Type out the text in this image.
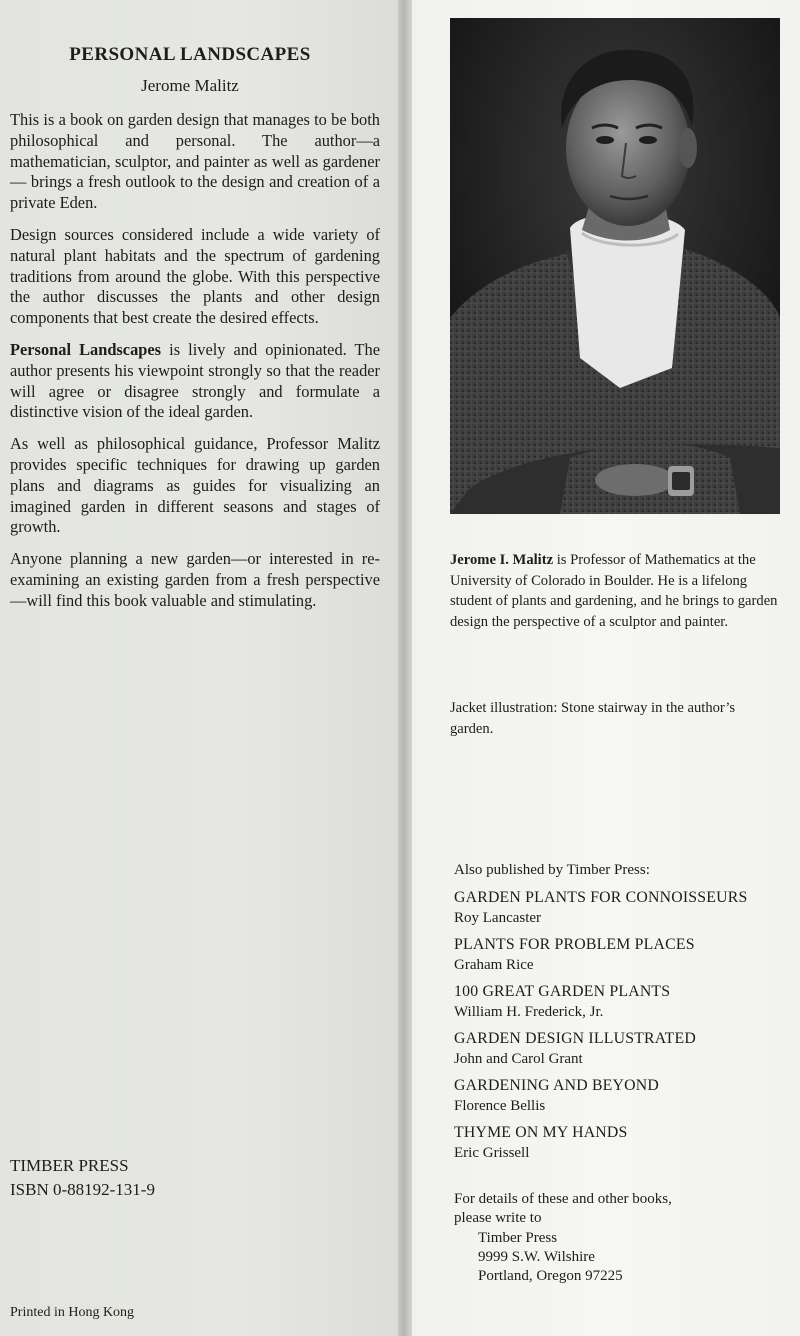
PERSONAL LANDSCAPES
Jerome Malitz

This is a book on garden design that manages to be both philosophical and personal. The author—a mathematician, sculptor, and painter as well as gardener — brings a fresh outlook to the design and creation of a private Eden.

Design sources considered include a wide variety of natural plant habitats and the spectrum of gardening traditions from around the globe. With this perspective the author discusses the plants and other design components that best create the desired effects.

Personal Landscapes is lively and opinionated. The author presents his viewpoint strongly so that the reader will agree or disagree strongly and formulate a distinctive vision of the ideal garden.

As well as philosophical guidance, Professor Malitz provides specific techniques for drawing up garden plans and diagrams as guides for visualizing an imagined garden in different seasons and stages of growth.

Anyone planning a new garden—or interested in re-examining an existing garden from a fresh perspective—will find this book valuable and stimulating.

TIMBER PRESS
ISBN 0-88192-131-9
Printed in Hong Kong
Jerome I. Malitz is Professor of Mathematics at the University of Colorado in Boulder. He is a lifelong student of plants and gardening, and he brings to garden design the perspective of a sculptor and painter.
Jacket illustration: Stone stairway in the author’s garden.
Also published by Timber Press:
GARDEN PLANTS FOR CONNOISSEURS
Roy Lancaster
PLANTS FOR PROBLEM PLACES
Graham Rice
100 GREAT GARDEN PLANTS
William H. Frederick, Jr.
GARDEN DESIGN ILLUSTRATED
John and Carol Grant
GARDENING AND BEYOND
Florence Bellis
THYME ON MY HANDS
Eric Grissell
For details of these and other books,
please write to
Timber Press
9999 S.W. Wilshire
Portland, Oregon 97225
